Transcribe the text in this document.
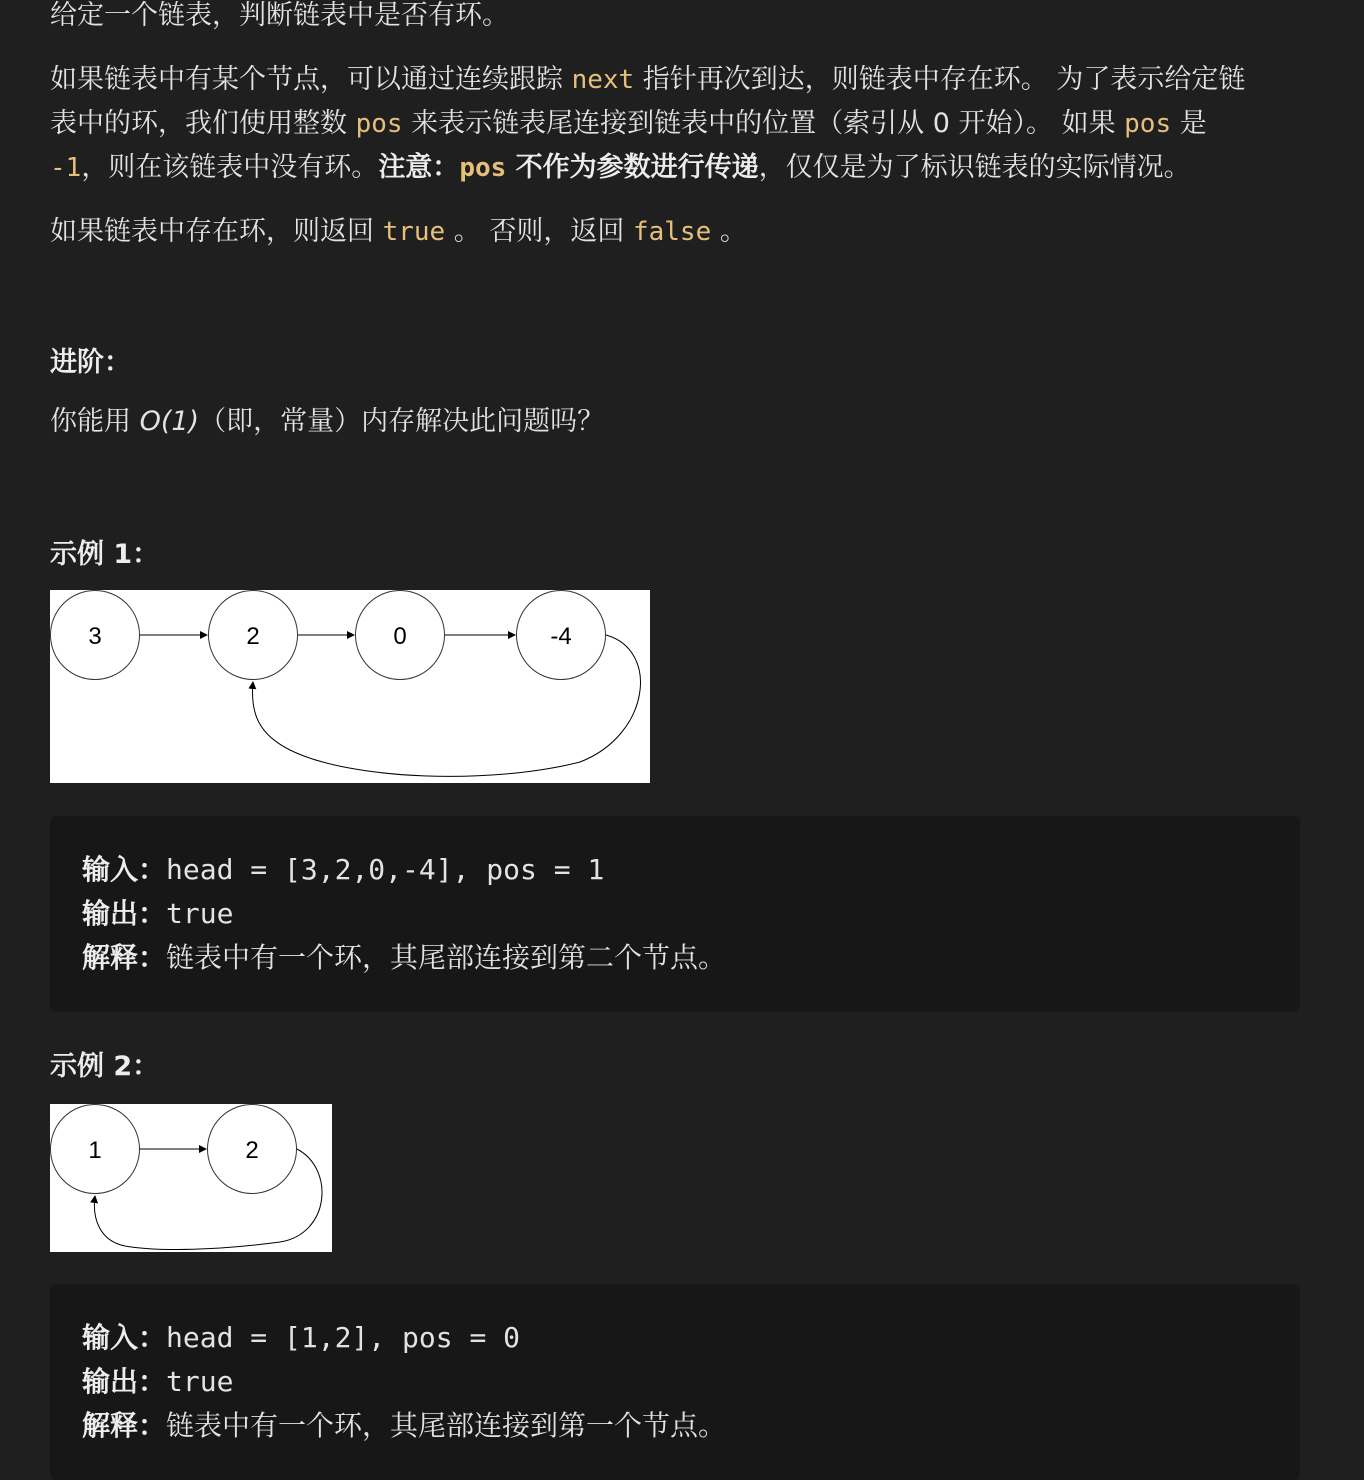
给定一个链表，判断链表中是否有环。

如果链表中有某个节点，可以通过连续跟踪 next 指针再次到达，则链表中存在环。 为了表示给定链
表中的环，我们使用整数 pos 来表示链表尾连接到链表中的位置（索引从 0 开始）。 如果 pos 是
-1，则在该链表中没有环。注意：pos 不作为参数进行传递，仅仅是为了标识链表的实际情况。

如果链表中存在环，则返回 true 。 否则，返回 false 。

进阶：

你能用 O(1)（即，常量）内存解决此问题吗？

示例 1：

3	2	0	-4
输入：head = [3,2,0,-4], pos = 1
输出：true
解释：链表中有一个环，其尾部连接到第二个节点。

示例 2：

1	2
输入：head = [1,2], pos = 0
输出：true
解释：链表中有一个环，其尾部连接到第一个节点。
